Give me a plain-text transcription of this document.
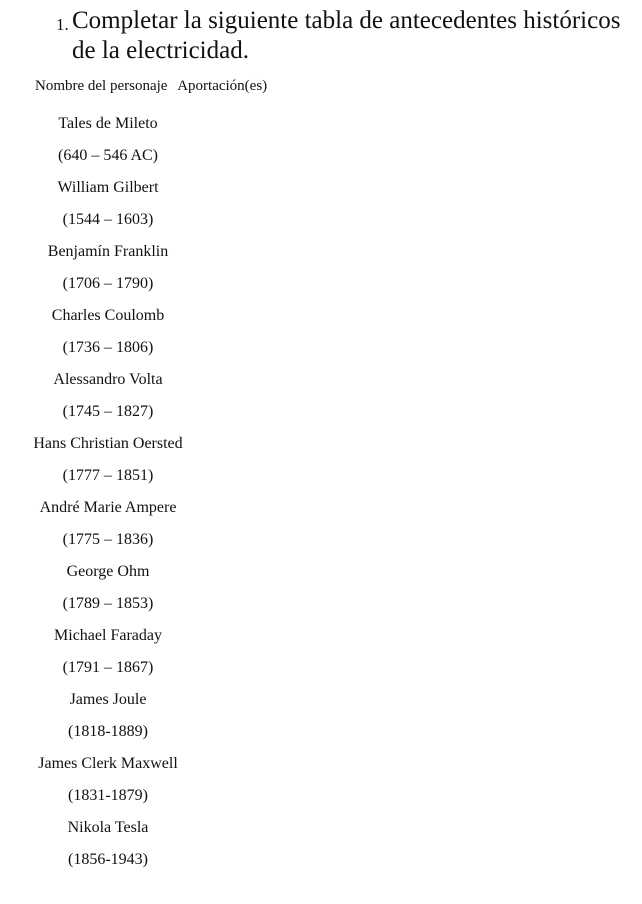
1. Completar la siguiente tabla de antecedentes históricos de la electricidad.
Nombre del personaje Aportación(es)
Tales de Mileto
(640 – 546 AC)
William Gilbert
(1544 – 1603)
Benjamín Franklin
(1706 – 1790)
Charles Coulomb
(1736 – 1806)
Alessandro Volta
(1745 – 1827)
Hans Christian Oersted
(1777 – 1851)
André Marie Ampere
(1775 – 1836)
George Ohm
(1789 – 1853)
Michael Faraday
(1791 – 1867)
James Joule
(1818-1889)
James Clerk Maxwell
(1831-1879)
Nikola Tesla
(1856-1943)
